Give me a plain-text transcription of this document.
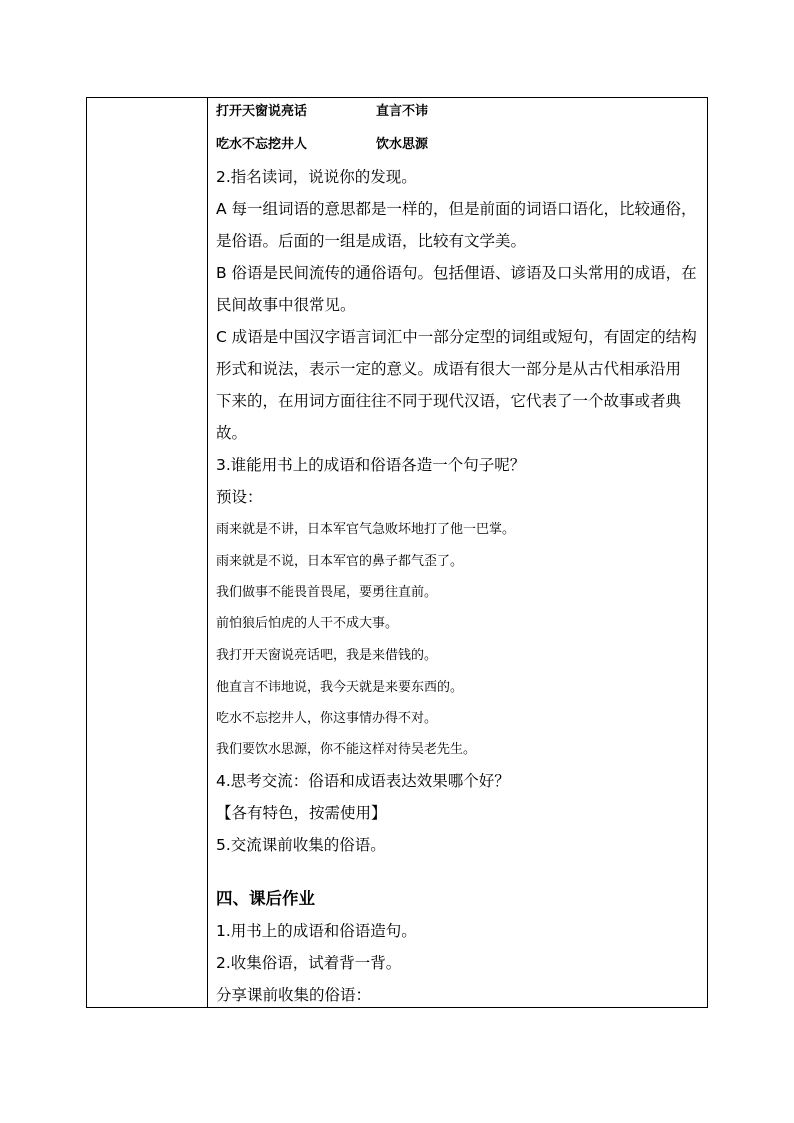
打开天窗说亮话	直言不讳
吃水不忘挖井人	饮水思源
2.指名读词，说说你的发现。
A 每一组词语的意思都是一样的，但是前面的词语口语化，比较通俗，
是俗语。后面的一组是成语，比较有文学美。
B 俗语是民间流传的通俗语句。包括俚语、谚语及口头常用的成语，在
民间故事中很常见。
C 成语是中国汉字语言词汇中一部分定型的词组或短句，有固定的结构
形式和说法，表示一定的意义。成语有很大一部分是从古代相承沿用
下来的，在用词方面往往不同于现代汉语，它代表了一个故事或者典
故。
3.谁能用书上的成语和俗语各造一个句子呢？
预设：
雨来就是不讲，日本军官气急败坏地打了他一巴掌。
雨来就是不说，日本军官的鼻子都气歪了。
我们做事不能畏首畏尾，要勇往直前。
前怕狼后怕虎的人干不成大事。
我打开天窗说亮话吧，我是来借钱的。
他直言不讳地说，我今天就是来要东西的。
吃水不忘挖井人，你这事情办得不对。
我们要饮水思源，你不能这样对待吴老先生。
4.思考交流：俗语和成语表达效果哪个好？
【各有特色，按需使用】
5.交流课前收集的俗语。
四、课后作业
1.用书上的成语和俗语造句。
2.收集俗语，试着背一背。
分享课前收集的俗语：
